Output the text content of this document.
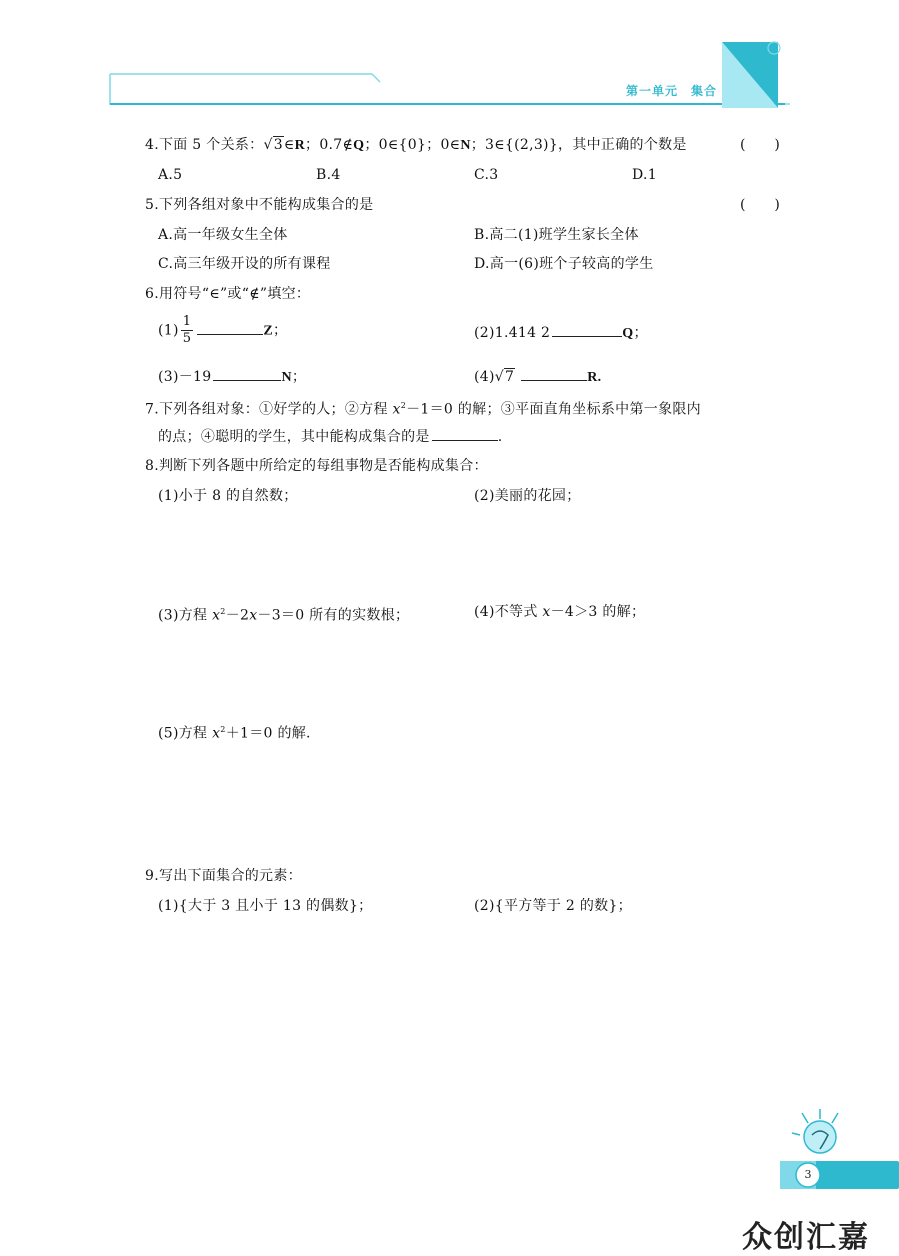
第一单元　集合
4.下面 5 个关系：√3∈R；0.7∉Q；0∈{0}；0∈N；3∈{(2,3)}，其中正确的个数是	(　　)
A.5	B.4	C.3	D.1
5.下列各组对象中不能构成集合的是	(　　)
A.高一年级女生全体	B.高二(1)班学生家长全体
C.高三年级开设的所有课程	D.高一(6)班个子较高的学生
6.用符号“∈”或“∉”填空：
$(1) \frac{1}{5}$	Z；	(2)1.414 2	Q；
(3)－19	N；	(4)√7	R.
7.下列各组对象：①好学的人；②方程 $x^2-1=0$ 的解；③平面直角坐标系中第一象限内
的点；④聪明的学生，其中能构成集合的是	.
8.判断下列各题中所给定的每组事物是否能构成集合：
(1)小于 8 的自然数；	(2)美丽的花园；
(3)方程 $x^2-2x-3=0$ 所有的实数根；	(4)不等式 x－4＞3 的解；
(5)方程 $x^2+1=0$ 的解.
9.写出下面集合的元素：
(1){大于 3 且小于 13 的偶数}；	(2){平方等于 2 的数}；
3
众创汇嘉
